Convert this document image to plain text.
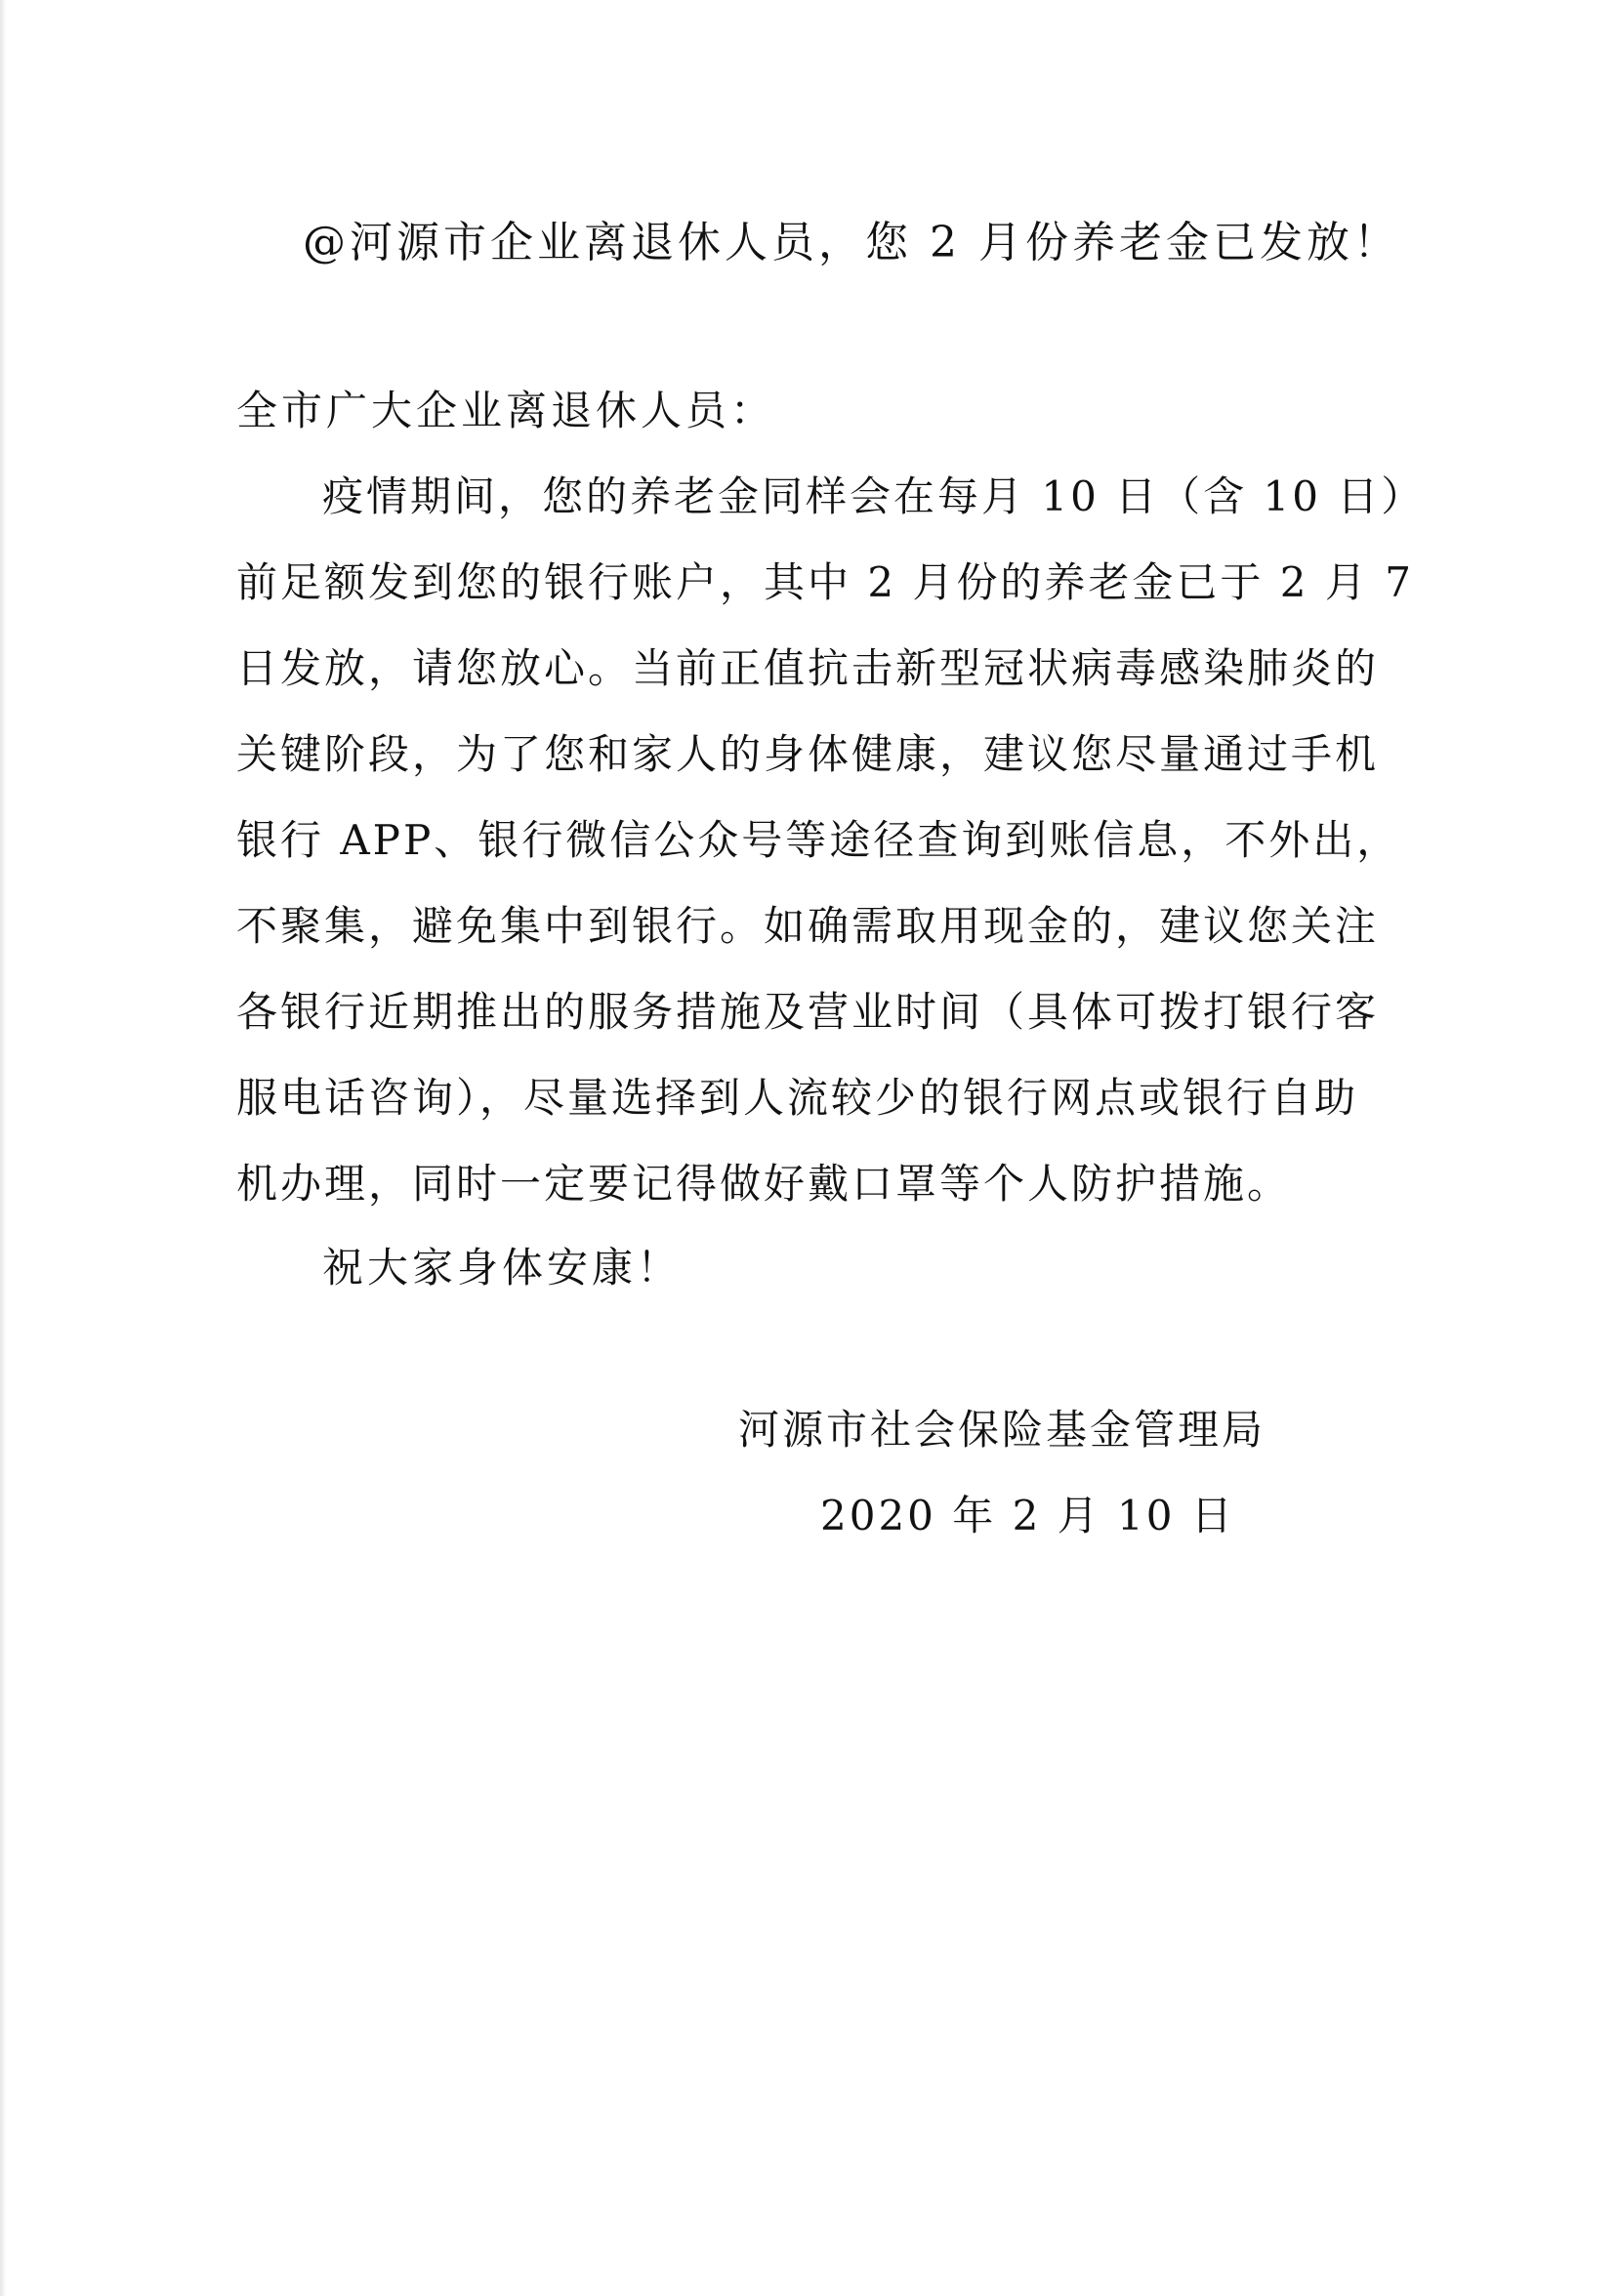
@河源市企业离退休人员，您 2 月份养老金已发放！

全市广大企业离退休人员：

疫情期间，您的养老金同样会在每月 10 日（含 10 日）

前足额发到您的银行账户，其中 2 月份的养老金已于 2 月 7

日发放，请您放心。当前正值抗击新型冠状病毒感染肺炎的

关键阶段，为了您和家人的身体健康，建议您尽量通过手机

银行 APP、银行微信公众号等途径查询到账信息，不外出，

不聚集，避免集中到银行。如确需取用现金的，建议您关注

各银行近期推出的服务措施及营业时间（具体可拨打银行客

服电话咨询），尽量选择到人流较少的银行网点或银行自助

机办理，同时一定要记得做好戴口罩等个人防护措施。

祝大家身体安康！

河源市社会保险基金管理局

2020 年 2 月 10 日
